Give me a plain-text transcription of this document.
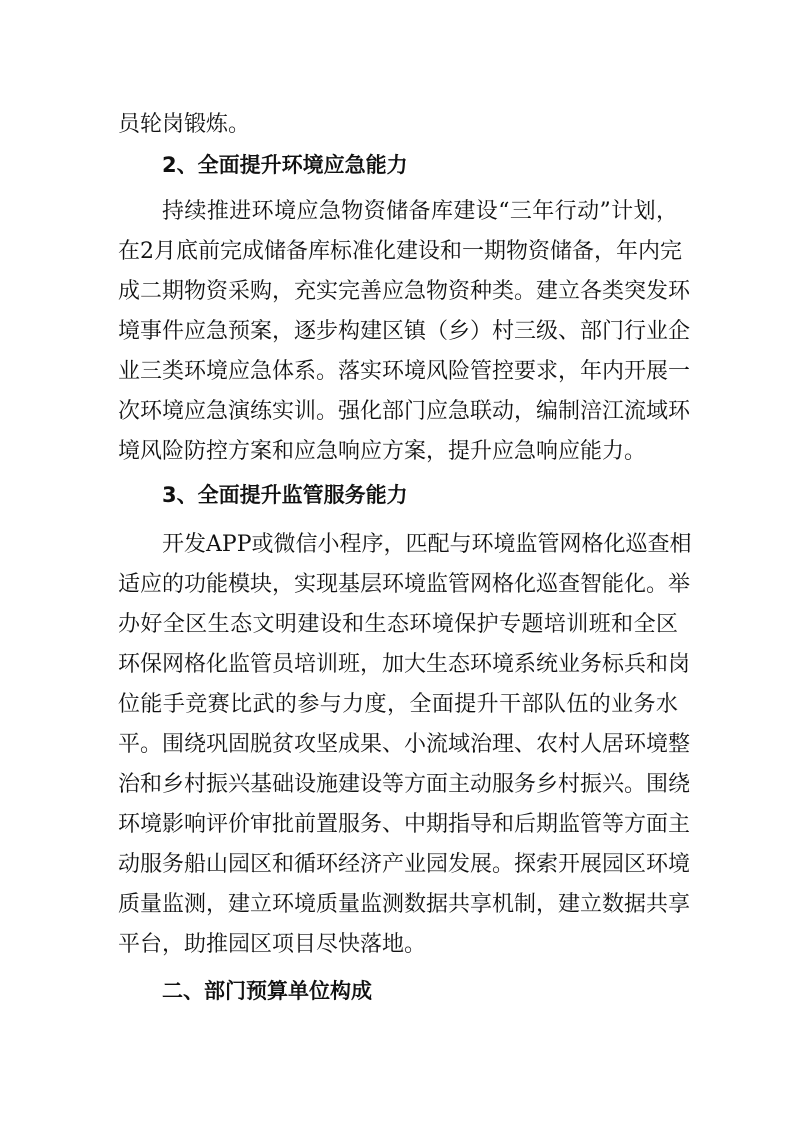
员轮岗锻炼。
2、全面提升环境应急能力
持续推进环境应急物资储备库建设“三年行动”计划，
在2月底前完成储备库标准化建设和一期物资储备，年内完
成二期物资采购，充实完善应急物资种类。建立各类突发环
境事件应急预案，逐步构建区镇（乡）村三级、部门行业企
业三类环境应急体系。落实环境风险管控要求，年内开展一
次环境应急演练实训。强化部门应急联动，编制涪江流域环
境风险防控方案和应急响应方案，提升应急响应能力。
3、全面提升监管服务能力
开发APP或微信小程序，匹配与环境监管网格化巡查相
适应的功能模块，实现基层环境监管网格化巡查智能化。举
办好全区生态文明建设和生态环境保护专题培训班和全区
环保网格化监管员培训班，加大生态环境系统业务标兵和岗
位能手竞赛比武的参与力度，全面提升干部队伍的业务水
平。围绕巩固脱贫攻坚成果、小流域治理、农村人居环境整
治和乡村振兴基础设施建设等方面主动服务乡村振兴。围绕
环境影响评价审批前置服务、中期指导和后期监管等方面主
动服务船山园区和循环经济产业园发展。探索开展园区环境
质量监测，建立环境质量监测数据共享机制，建立数据共享
平台，助推园区项目尽快落地。
二、部门预算单位构成
